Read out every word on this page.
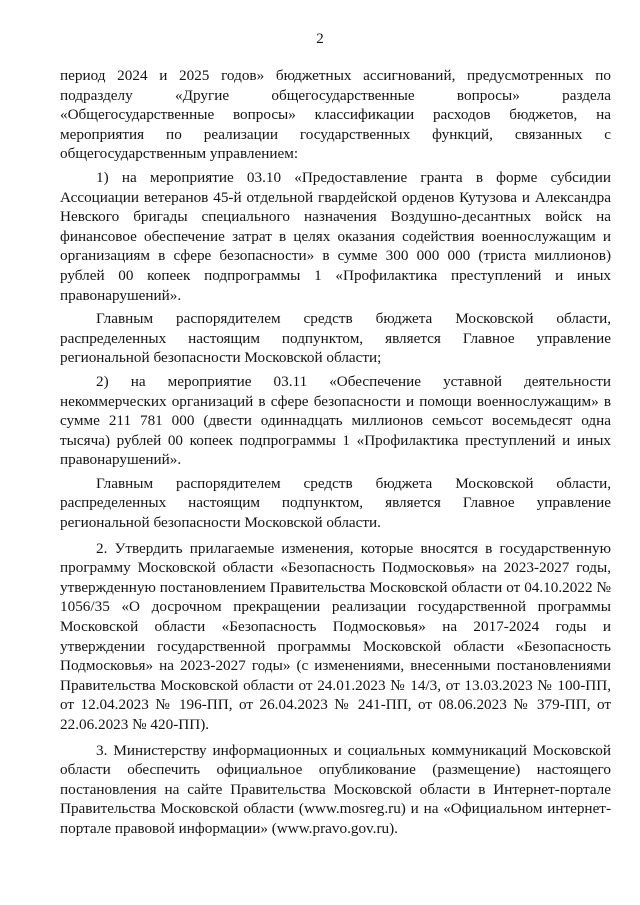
2

период 2024 и 2025 годов» бюджетных ассигнований, предусмотренных по подразделу «Другие общегосударственные вопросы» раздела «Общегосударственные вопросы» классификации расходов бюджетов, на мероприятия по реализации государственных функций, связанных с общегосударственным управлением:

1) на мероприятие 03.10 «Предоставление гранта в форме субсидии Ассоциации ветеранов 45-й отдельной гвардейской орденов Кутузова и Александра Невского бригады специального назначения Воздушно-десантных войск на финансовое обеспечение затрат в целях оказания содействия военнослужащим и организациям в сфере безопасности» в сумме 300 000 000 (триста миллионов) рублей 00 копеек подпрограммы 1 «Профилактика преступлений и иных правонарушений».

Главным распорядителем средств бюджета Московской области, распределенных настоящим подпунктом, является Главное управление региональной безопасности Московской области;

2) на мероприятие 03.11 «Обеспечение уставной деятельности некоммерческих организаций в сфере безопасности и помощи военнослужащим» в сумме 211 781 000 (двести одиннадцать миллионов семьсот восемьдесят одна тысяча) рублей 00 копеек подпрограммы 1 «Профилактика преступлений и иных правонарушений».

Главным распорядителем средств бюджета Московской области, распределенных настоящим подпунктом, является Главное управление региональной безопасности Московской области.

2. Утвердить прилагаемые изменения, которые вносятся в государственную программу Московской области «Безопасность Подмосковья» на 2023-2027 годы, утвержденную постановлением Правительства Московской области от 04.10.2022 № 1056/35 «О досрочном прекращении реализации государственной программы Московской области «Безопасность Подмосковья» на 2017-2024 годы и утверждении государственной программы Московской области «Безопасность Подмосковья» на 2023-2027 годы» (с изменениями, внесенными постановлениями Правительства Московской области от 24.01.2023 № 14/3, от 13.03.2023 № 100-ПП, от 12.04.2023 № 196-ПП, от 26.04.2023 № 241-ПП, от 08.06.2023 № 379-ПП, от 22.06.2023 № 420-ПП).

3. Министерству информационных и социальных коммуникаций Московской области обеспечить официальное опубликование (размещение) настоящего постановления на сайте Правительства Московской области в Интернет-портале Правительства Московской области (www.mosreg.ru) и на «Официальном интернет-портале правовой информации» (www.pravo.gov.ru).
